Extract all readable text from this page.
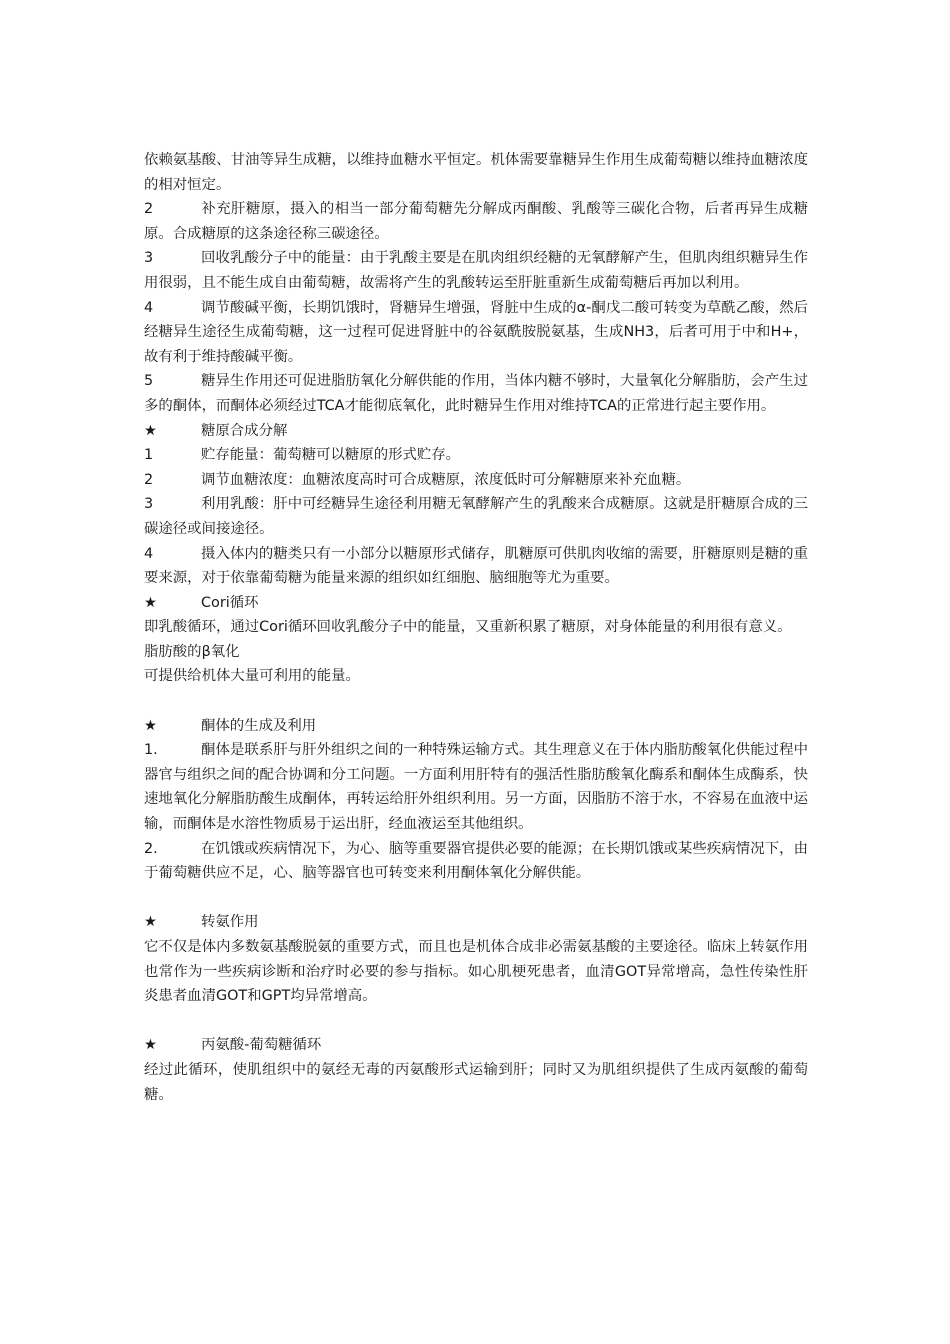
依赖氨基酸、甘油等异生成糖，以维持血糖水平恒定。机体需要靠糖异生作用生成葡萄糖以维持血糖浓度的相对恒定。

2	补充肝糖原，摄入的相当一部分葡萄糖先分解成丙酮酸、乳酸等三碳化合物，后者再异生成糖原。合成糖原的这条途径称三碳途径。

3	回收乳酸分子中的能量：由于乳酸主要是在肌肉组织经糖的无氧酵解产生，但肌肉组织糖异生作用很弱，且不能生成自由葡萄糖，故需将产生的乳酸转运至肝脏重新生成葡萄糖后再加以利用。

4	调节酸碱平衡，长期饥饿时，肾糖异生增强，肾脏中生成的α-酮戊二酸可转变为草酰乙酸，然后经糖异生途径生成葡萄糖，这一过程可促进肾脏中的谷氨酰胺脱氨基，生成NH3，后者可用于中和H+，故有利于维持酸碱平衡。

5	糖异生作用还可促进脂肪氧化分解供能的作用，当体内糖不够时，大量氧化分解脂肪，会产生过多的酮体，而酮体必须经过TCA才能彻底氧化，此时糖异生作用对维持TCA的正常进行起主要作用。

★	糖原合成分解

1	贮存能量：葡萄糖可以糖原的形式贮存。

2	调节血糖浓度：血糖浓度高时可合成糖原，浓度低时可分解糖原来补充血糖。

3	利用乳酸：肝中可经糖异生途径利用糖无氧酵解产生的乳酸来合成糖原。这就是肝糖原合成的三碳途径或间接途径。

4	摄入体内的糖类只有一小部分以糖原形式储存，肌糖原可供肌肉收缩的需要，肝糖原则是糖的重要来源，对于依靠葡萄糖为能量来源的组织如红细胞、脑细胞等尤为重要。

★	Cori循环

即乳酸循环，通过Cori循环回收乳酸分子中的能量，又重新积累了糖原，对身体能量的利用很有意义。

脂肪酸的β氧化

可提供给机体大量可利用的能量。

★	酮体的生成及利用

1.	酮体是联系肝与肝外组织之间的一种特殊运输方式。其生理意义在于体内脂肪酸氧化供能过程中器官与组织之间的配合协调和分工问题。一方面利用肝特有的强活性脂肪酸氧化酶系和酮体生成酶系，快速地氧化分解脂肪酸生成酮体，再转运给肝外组织利用。另一方面，因脂肪不溶于水，不容易在血液中运输，而酮体是水溶性物质易于运出肝，经血液运至其他组织。

2.	在饥饿或疾病情况下，为心、脑等重要器官提供必要的能源；在长期饥饿或某些疾病情况下，由于葡萄糖供应不足，心、脑等器官也可转变来利用酮体氧化分解供能。

★	转氨作用

它不仅是体内多数氨基酸脱氨的重要方式，而且也是机体合成非必需氨基酸的主要途径。临床上转氨作用也常作为一些疾病诊断和治疗时必要的参与指标。如心肌梗死患者，血清GOT异常增高，急性传染性肝炎患者血清GOT和GPT均异常增高。

★	丙氨酸-葡萄糖循环

经过此循环，使肌组织中的氨经无毒的丙氨酸形式运输到肝；同时又为肌组织提供了生成丙氨酸的葡萄糖。
